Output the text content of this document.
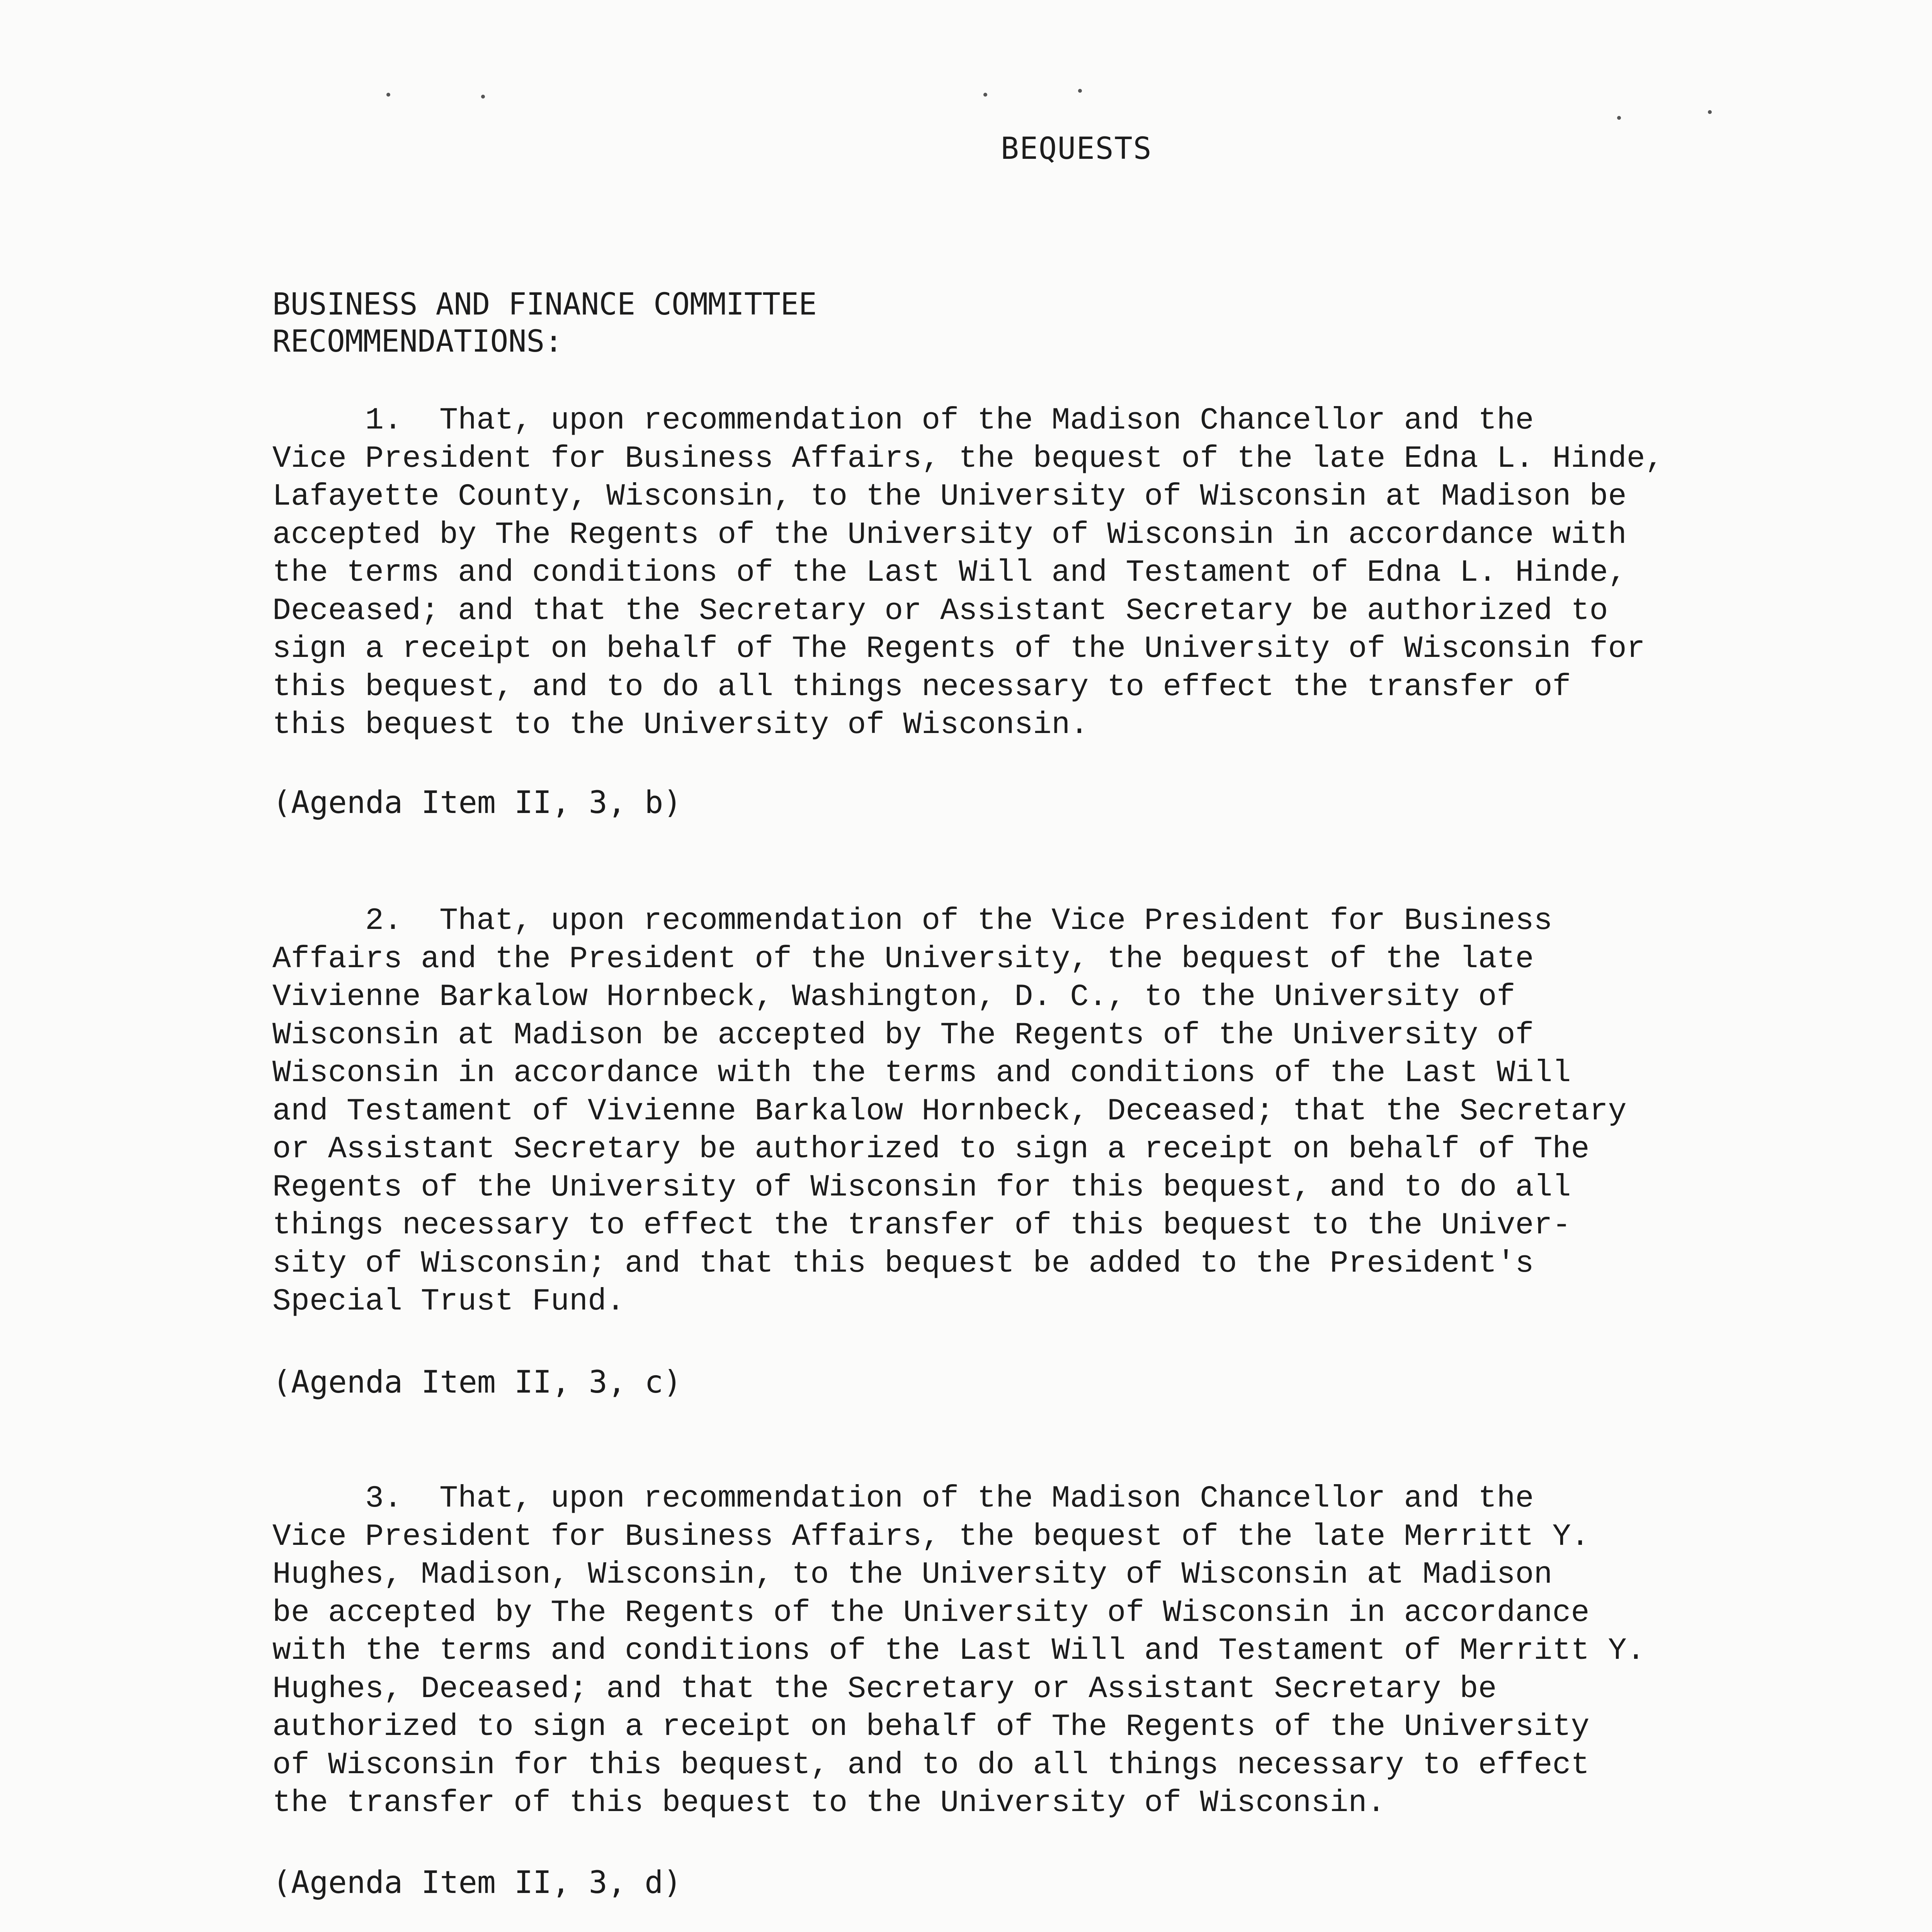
BEQUESTS
BUSINESS AND FINANCE COMMITTEE
RECOMMENDATIONS:
1.  That, upon recommendation of the Madison Chancellor and the
Vice President for Business Affairs, the bequest of the late Edna L. Hinde,
Lafayette County, Wisconsin, to the University of Wisconsin at Madison be
accepted by The Regents of the University of Wisconsin in accordance with
the terms and conditions of the Last Will and Testament of Edna L. Hinde,
Deceased; and that the Secretary or Assistant Secretary be authorized to
sign a receipt on behalf of The Regents of the University of Wisconsin for
this bequest, and to do all things necessary to effect the transfer of
this bequest to the University of Wisconsin.
(Agenda Item II, 3, b)
2.  That, upon recommendation of the Vice President for Business
Affairs and the President of the University, the bequest of the late
Vivienne Barkalow Hornbeck, Washington, D. C., to the University of
Wisconsin at Madison be accepted by The Regents of the University of
Wisconsin in accordance with the terms and conditions of the Last Will
and Testament of Vivienne Barkalow Hornbeck, Deceased; that the Secretary
or Assistant Secretary be authorized to sign a receipt on behalf of The
Regents of the University of Wisconsin for this bequest, and to do all
things necessary to effect the transfer of this bequest to the Univer-
sity of Wisconsin; and that this bequest be added to the President's
Special Trust Fund.
(Agenda Item II, 3, c)
3.  That, upon recommendation of the Madison Chancellor and the
Vice President for Business Affairs, the bequest of the late Merritt Y.
Hughes, Madison, Wisconsin, to the University of Wisconsin at Madison
be accepted by The Regents of the University of Wisconsin in accordance
with the terms and conditions of the Last Will and Testament of Merritt Y.
Hughes, Deceased; and that the Secretary or Assistant Secretary be
authorized to sign a receipt on behalf of The Regents of the University
of Wisconsin for this bequest, and to do all things necessary to effect
the transfer of this bequest to the University of Wisconsin.
(Agenda Item II, 3, d)
